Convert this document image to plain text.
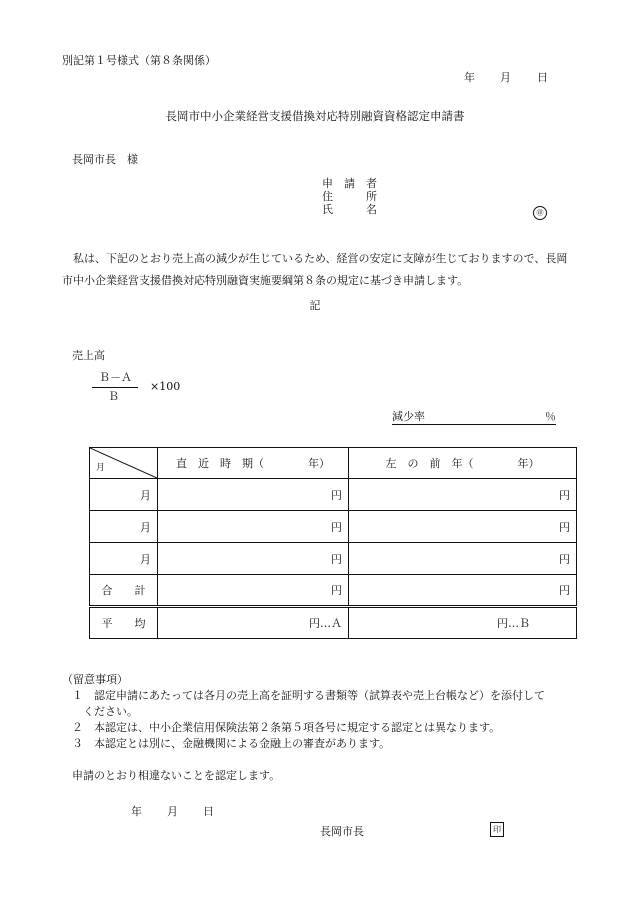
別記第１号様式（第８条関係）
年 月 日
長岡市中小企業経営支援借換対応特別融資資格認定申請書
長岡市長　様
申　請　者
住　　　所
氏　　　名	㊞
　私は、下記のとおり売上高の減少が生じているため、経営の安定に支障が生じておりますので、長岡市中小企業経営支援借換対応特別融資実施要綱第８条の規定に基づき申請します。
記
売上高
Ｂ－Ａ
Ｂ
×100
減少率	％
月	直　近　時　期（　　　　年）	左　の　前　年（　　　　年）
月	円	円
月	円	円
月	円	円
合　　計	円	円
平　　均	円…Ａ	円…Ｂ
（留意事項）
１　認定申請にあたっては各月の売上高を証明する書類等（試算表や売上台帳など）を添付して
　ください。
２　本認定は、中小企業信用保険法第２条第５項各号に規定する認定とは異なります。
３　本認定とは別に、金融機関による金融上の審査があります。
申請のとおり相違ないことを認定します。
年 月 日
長岡市長	印
